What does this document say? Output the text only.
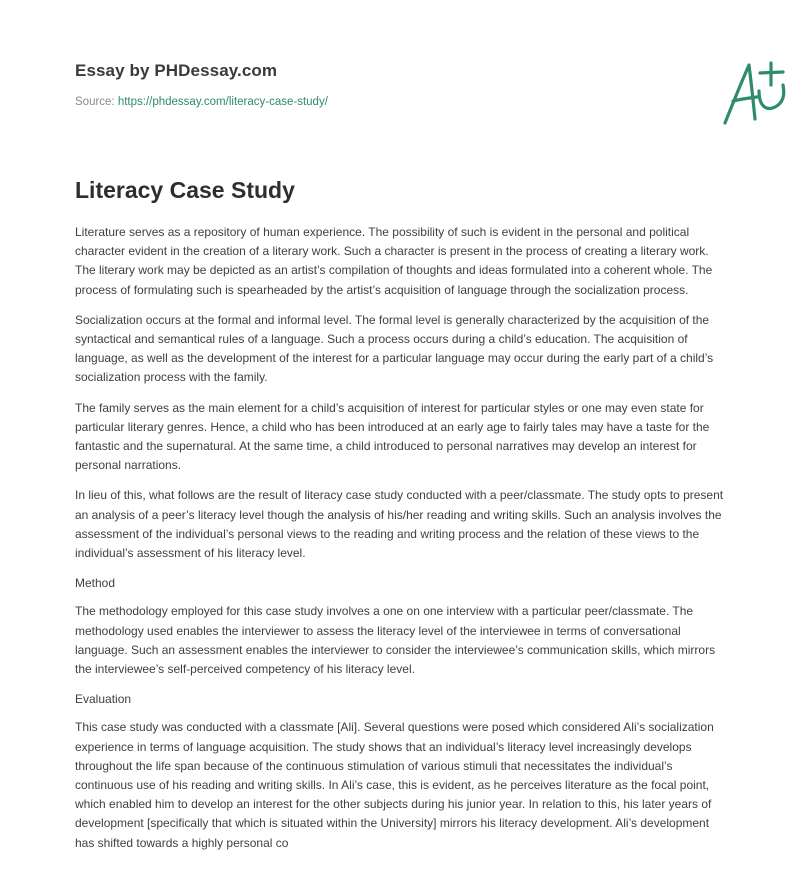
Essay by PHDessay.com
Source: https://phdessay.com/literacy-case-study/
Literacy Case Study

Literature serves as a repository of human experience. The possibility of such is evident in the personal and political character evident in the creation of a literary work. Such a character is present in the process of creating a literary work. The literary work may be depicted as an artist’s compilation of thoughts and ideas formulated into a coherent whole. The process of formulating such is spearheaded by the artist’s acquisition of language through the socialization process.

Socialization occurs at the formal and informal level. The formal level is generally characterized by the acquisition of the syntactical and semantical rules of a language. Such a process occurs during a child’s education. The acquisition of language, as well as the development of the interest for a particular language may occur during the early part of a child’s socialization process with the family.

The family serves as the main element for a child’s acquisition of interest for particular styles or one may even state for particular literary genres. Hence, a child who has been introduced at an early age to fairly tales may have a taste for the fantastic and the supernatural. At the same time, a child introduced to personal narratives may develop an interest for personal narrations.

In lieu of this, what follows are the result of literacy case study conducted with a peer/classmate. The study opts to present an analysis of a peer’s literacy level though the analysis of his/her reading and writing skills. Such an analysis involves the assessment of the individual’s personal views to the reading and writing process and the relation of these views to the individual’s assessment of his literacy level.

Method

The methodology employed for this case study involves a one on one interview with a particular peer/classmate. The methodology used enables the interviewer to assess the literacy level of the interviewee in terms of conversational language. Such an assessment enables the interviewer to consider the interviewee’s communication skills, which mirrors the interviewee’s self-perceived competency of his literacy level.

Evaluation

This case study was conducted with a classmate [Ali]. Several questions were posed which considered Ali’s socialization experience in terms of language acquisition. The study shows that an individual’s literacy level increasingly develops throughout the life span because of the continuous stimulation of various stimuli that necessitates the individual’s continuous use of his reading and writing skills. In Ali’s case, this is evident, as he perceives literature as the focal point, which enabled him to develop an interest for the other subjects during his junior year. In relation to this, his later years of development [specifically that which is situated within the University] mirrors his literacy development. Ali’s development has shifted towards a highly personal co
